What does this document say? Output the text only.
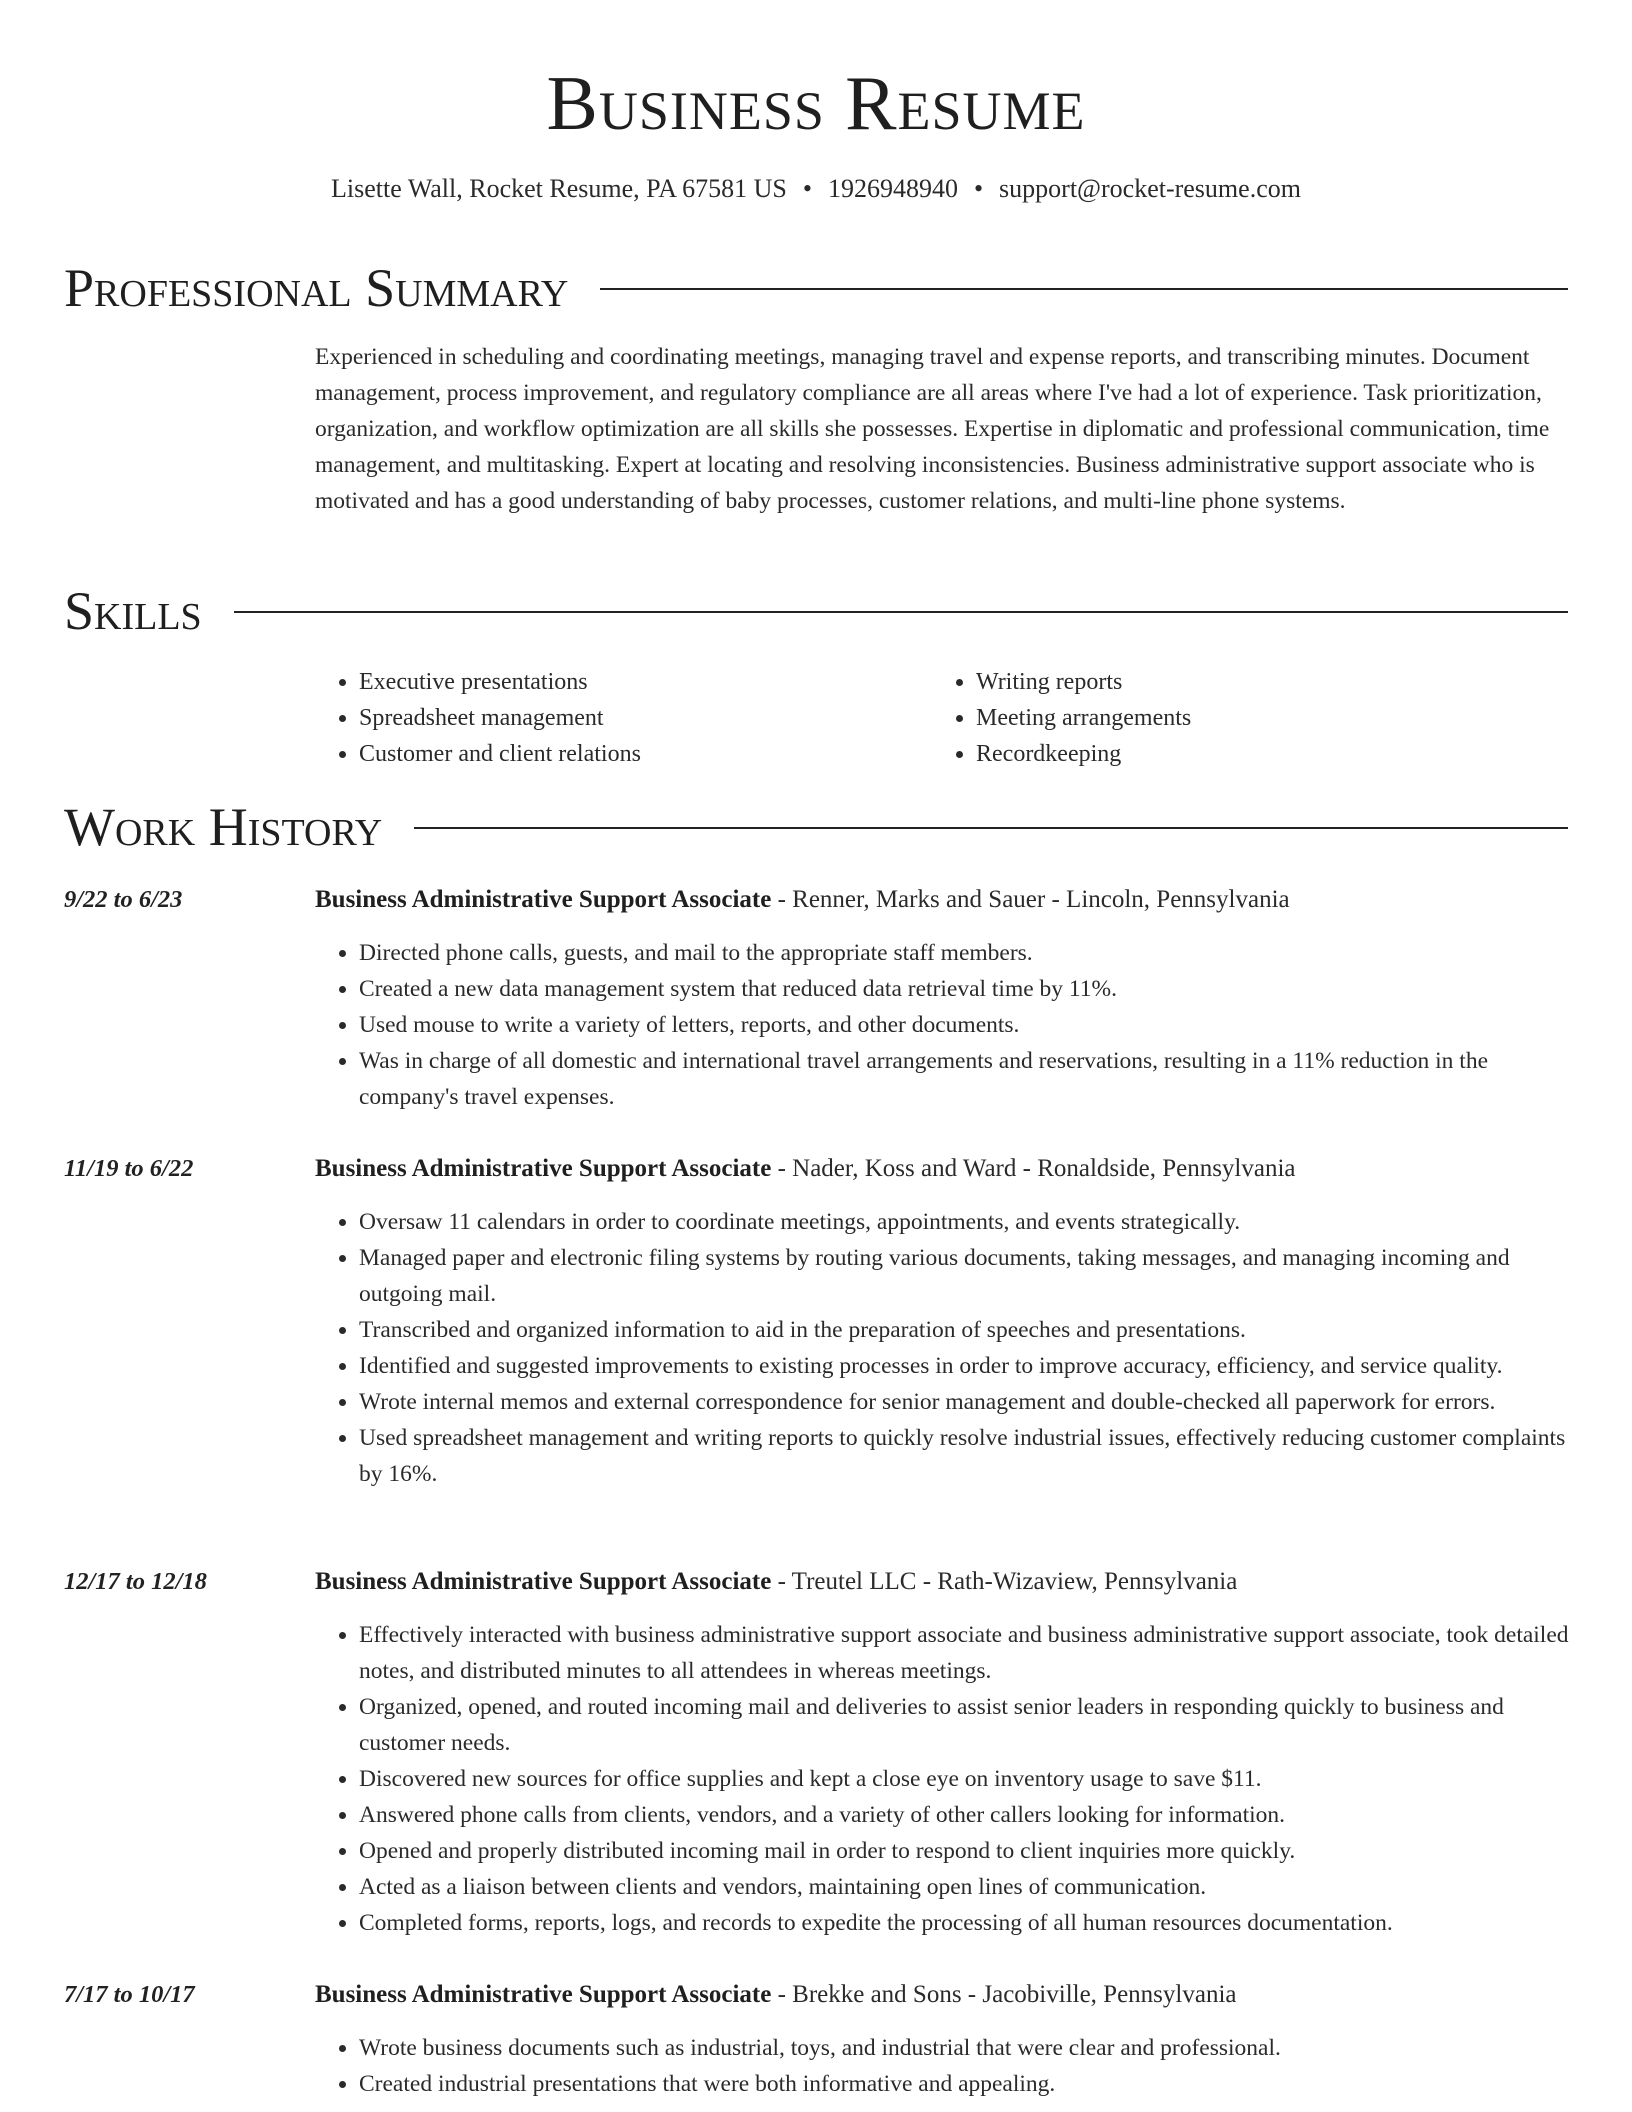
Business Resume
Lisette Wall, Rocket Resume, PA 67581 US • 1926948940 • support@rocket-resume.com
Professional Summary

Experienced in scheduling and coordinating meetings, managing travel and expense reports, and transcribing minutes. Document management, process improvement, and regulatory compliance are all areas where I've had a lot of experience. Task prioritization, organization, and workflow optimization are all skills she possesses. Expertise in diplomatic and professional communication, time management, and multitasking. Expert at locating and resolving inconsistencies. Business administrative support associate who is motivated and has a good understanding of baby processes, customer relations, and multi-line phone systems.

Skills
• Executive presentations
• Spreadsheet management
• Customer and client relations
• Writing reports
• Meeting arrangements
• Recordkeeping
Work History
9/22 to 6/23	Business Administrative Support Associate - Renner, Marks and Sauer - Lincoln, Pennsylvania
• Directed phone calls, guests, and mail to the appropriate staff members.
• Created a new data management system that reduced data retrieval time by 11%.
• Used mouse to write a variety of letters, reports, and other documents.
• Was in charge of all domestic and international travel arrangements and reservations, resulting in a 11% reduction in the company's travel expenses.
11/19 to 6/22	Business Administrative Support Associate - Nader, Koss and Ward - Ronaldside, Pennsylvania
• Oversaw 11 calendars in order to coordinate meetings, appointments, and events strategically.
• Managed paper and electronic filing systems by routing various documents, taking messages, and managing incoming and outgoing mail.
• Transcribed and organized information to aid in the preparation of speeches and presentations.
• Identified and suggested improvements to existing processes in order to improve accuracy, efficiency, and service quality.
• Wrote internal memos and external correspondence for senior management and double-checked all paperwork for errors.
• Used spreadsheet management and writing reports to quickly resolve industrial issues, effectively reducing customer complaints by 16%.
12/17 to 12/18	Business Administrative Support Associate - Treutel LLC - Rath-Wizaview, Pennsylvania
• Effectively interacted with business administrative support associate and business administrative support associate, took detailed notes, and distributed minutes to all attendees in whereas meetings.
• Organized, opened, and routed incoming mail and deliveries to assist senior leaders in responding quickly to business and customer needs.
• Discovered new sources for office supplies and kept a close eye on inventory usage to save $11.
• Answered phone calls from clients, vendors, and a variety of other callers looking for information.
• Opened and properly distributed incoming mail in order to respond to client inquiries more quickly.
• Acted as a liaison between clients and vendors, maintaining open lines of communication.
• Completed forms, reports, logs, and records to expedite the processing of all human resources documentation.
7/17 to 10/17	Business Administrative Support Associate - Brekke and Sons - Jacobiville, Pennsylvania
• Wrote business documents such as industrial, toys, and industrial that were clear and professional.
• Created industrial presentations that were both informative and appealing.
